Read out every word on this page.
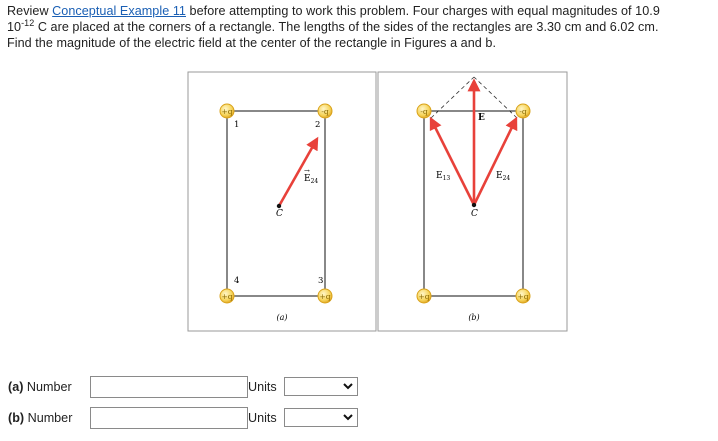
Review Conceptual Example 11 before attempting to work this problem. Four charges with equal magnitudes of 10.9
$10^{-12}$ C are placed at the corners of a rectangle. The lengths of the sides of the rectangles are 3.30 cm and 6.02 cm.
Find the magnitude of the electric field at the center of the rectangle in Figures a and b.
C
$E_{24}$
→
+q	-q
+q	+q
1	2
4	3
(a)
C
$E_{13}$	$E_{24}$
E
-q	-q
+q	+q
(b)
(a) Number	Units
(b) Number	Units
